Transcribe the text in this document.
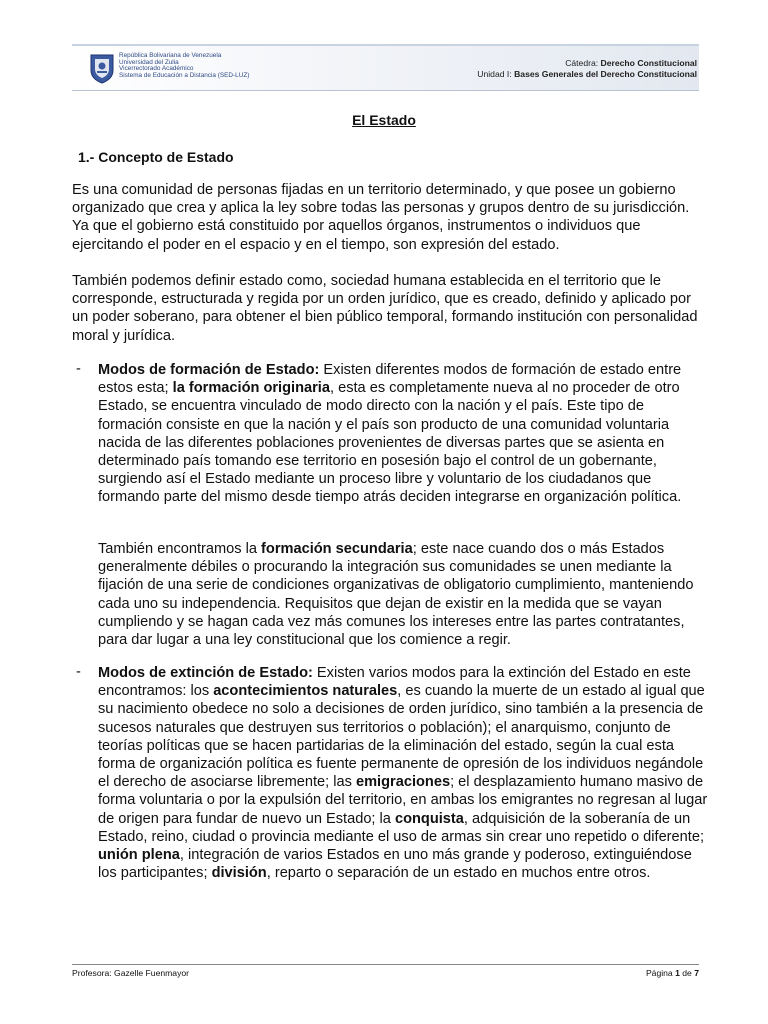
República Bolivariana de Venezuela
Universidad del Zulia
Vicerrectorado Académico
Sistema de Educación a Distancia (SED-LUZ)
Cátedra: Derecho Constitucional
Unidad I: Bases Generales del Derecho Constitucional
El Estado
1.- Concepto de Estado

Es una comunidad de personas fijadas en un territorio determinado, y que posee un gobierno organizado que crea y aplica la ley sobre todas las personas y grupos dentro de su jurisdicción. Ya que el gobierno está constituido por aquellos órganos, instrumentos o individuos que ejercitando el poder en el espacio y en el tiempo, son expresión del estado.

También podemos definir estado como, sociedad humana establecida en el territorio que le corresponde, estructurada y regida por un orden jurídico, que es creado, definido y aplicado por un poder soberano, para obtener el bien público temporal, formando institución con personalidad moral y jurídica.

- Modos de formación de Estado: Existen diferentes modos de formación de estado entre estos esta; la formación originaria, esta es completamente nueva al no proceder de otro Estado, se encuentra vinculado de modo directo con la nación y el país. Este tipo de formación consiste en que la nación y el país son producto de una comunidad voluntaria nacida de las diferentes poblaciones provenientes de diversas partes que se asienta en determinado país tomando ese territorio en posesión bajo el control de un gobernante, surgiendo así el Estado mediante un proceso libre y voluntario de los ciudadanos que formando parte del mismo desde tiempo atrás deciden integrarse en organización política.

También encontramos la formación secundaria; este nace cuando dos o más Estados generalmente débiles o procurando la integración sus comunidades se unen mediante la fijación de una serie de condiciones organizativas de obligatorio cumplimiento, manteniendo cada uno su independencia. Requisitos que dejan de existir en la medida que se vayan cumpliendo y se hagan cada vez más comunes los intereses entre las partes contratantes, para dar lugar a una ley constitucional que los comience a regir.

- Modos de extinción de Estado: Existen varios modos para la extinción del Estado en este encontramos: los acontecimientos naturales, es cuando la muerte de un estado al igual que su nacimiento obedece no solo a decisiones de orden jurídico, sino también a la presencia de sucesos naturales que destruyen sus territorios o población); el anarquismo, conjunto de teorías políticas que se hacen partidarias de la eliminación del estado, según la cual esta forma de organización política es fuente permanente de opresión de los individuos negándole el derecho de asociarse libremente; las emigraciones; el desplazamiento humano masivo de forma voluntaria o por la expulsión del territorio, en ambas los emigrantes no regresan al lugar de origen para fundar de nuevo un Estado; la conquista, adquisición de la soberanía de un Estado, reino, ciudad o provincia mediante el uso de armas sin crear uno repetido o diferente; unión plena, integración de varios Estados en uno más grande y poderoso, extinguiéndose los participantes; división, reparto o separación de un estado en muchos entre otros.

Profesora: Gazelle Fuenmayor	Página 1 de 7
